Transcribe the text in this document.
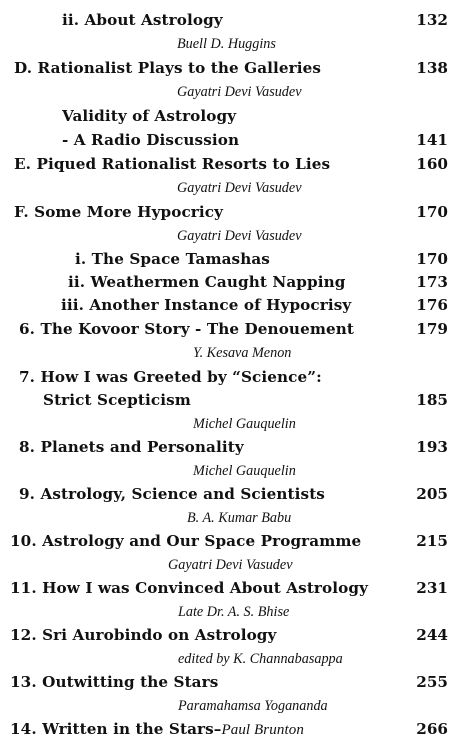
ii. About Astrology	132
Buell D. Huggins
D. Rationalist Plays to the Galleries	138
Gayatri Devi Vasudev
Validity of Astrology
- A Radio Discussion	141
E. Piqued Rationalist Resorts to Lies	160
Gayatri Devi Vasudev
F. Some More Hypocricy	170
Gayatri Devi Vasudev
i. The Space Tamashas	170
ii. Weathermen Caught Napping	173
iii. Another Instance of Hypocrisy	176
6. The Kovoor Story - The Denouement	179
Y. Kesava Menon
7. How I was Greeted by “Science”:
Strict Scepticism	185
Michel Gauquelin
8. Planets and Personality	193
Michel Gauquelin
9. Astrology, Science and Scientists	205
B. A. Kumar Babu
10. Astrology and Our Space Programme	215
Gayatri Devi Vasudev
11. How I was Convinced About Astrology	231
Late Dr. A. S. Bhise
12. Sri Aurobindo on Astrology	244
edited by K. Channabasappa
13. Outwitting the Stars	255
Paramahamsa Yogananda
14. Written in the Stars–Paul Brunton	266
